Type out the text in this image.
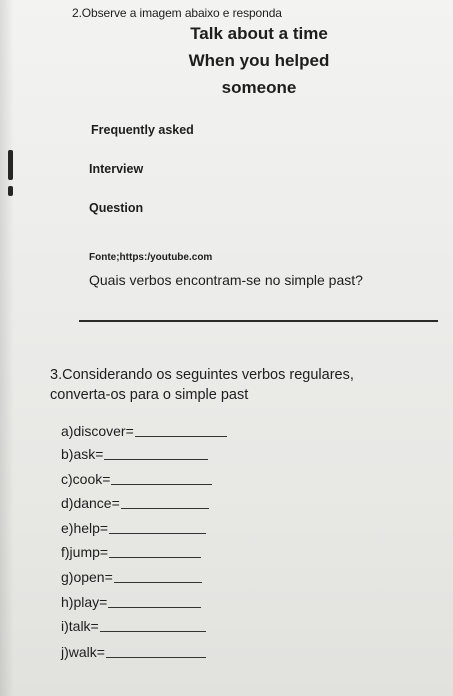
2.Observe a imagem abaixo e responda
Talk about a time
When you helped
someone
Frequently asked
Interview
Question
Fonte;https:/youtube.com
Quais verbos encontram-se no simple past?
3.Considerando os seguintes verbos regulares,
converta-os para o simple past
a)discover=
b)ask=
c)cook=
d)dance=
e)help=
f)jump=
g)open=
h)play=
i)talk=
j)walk=
